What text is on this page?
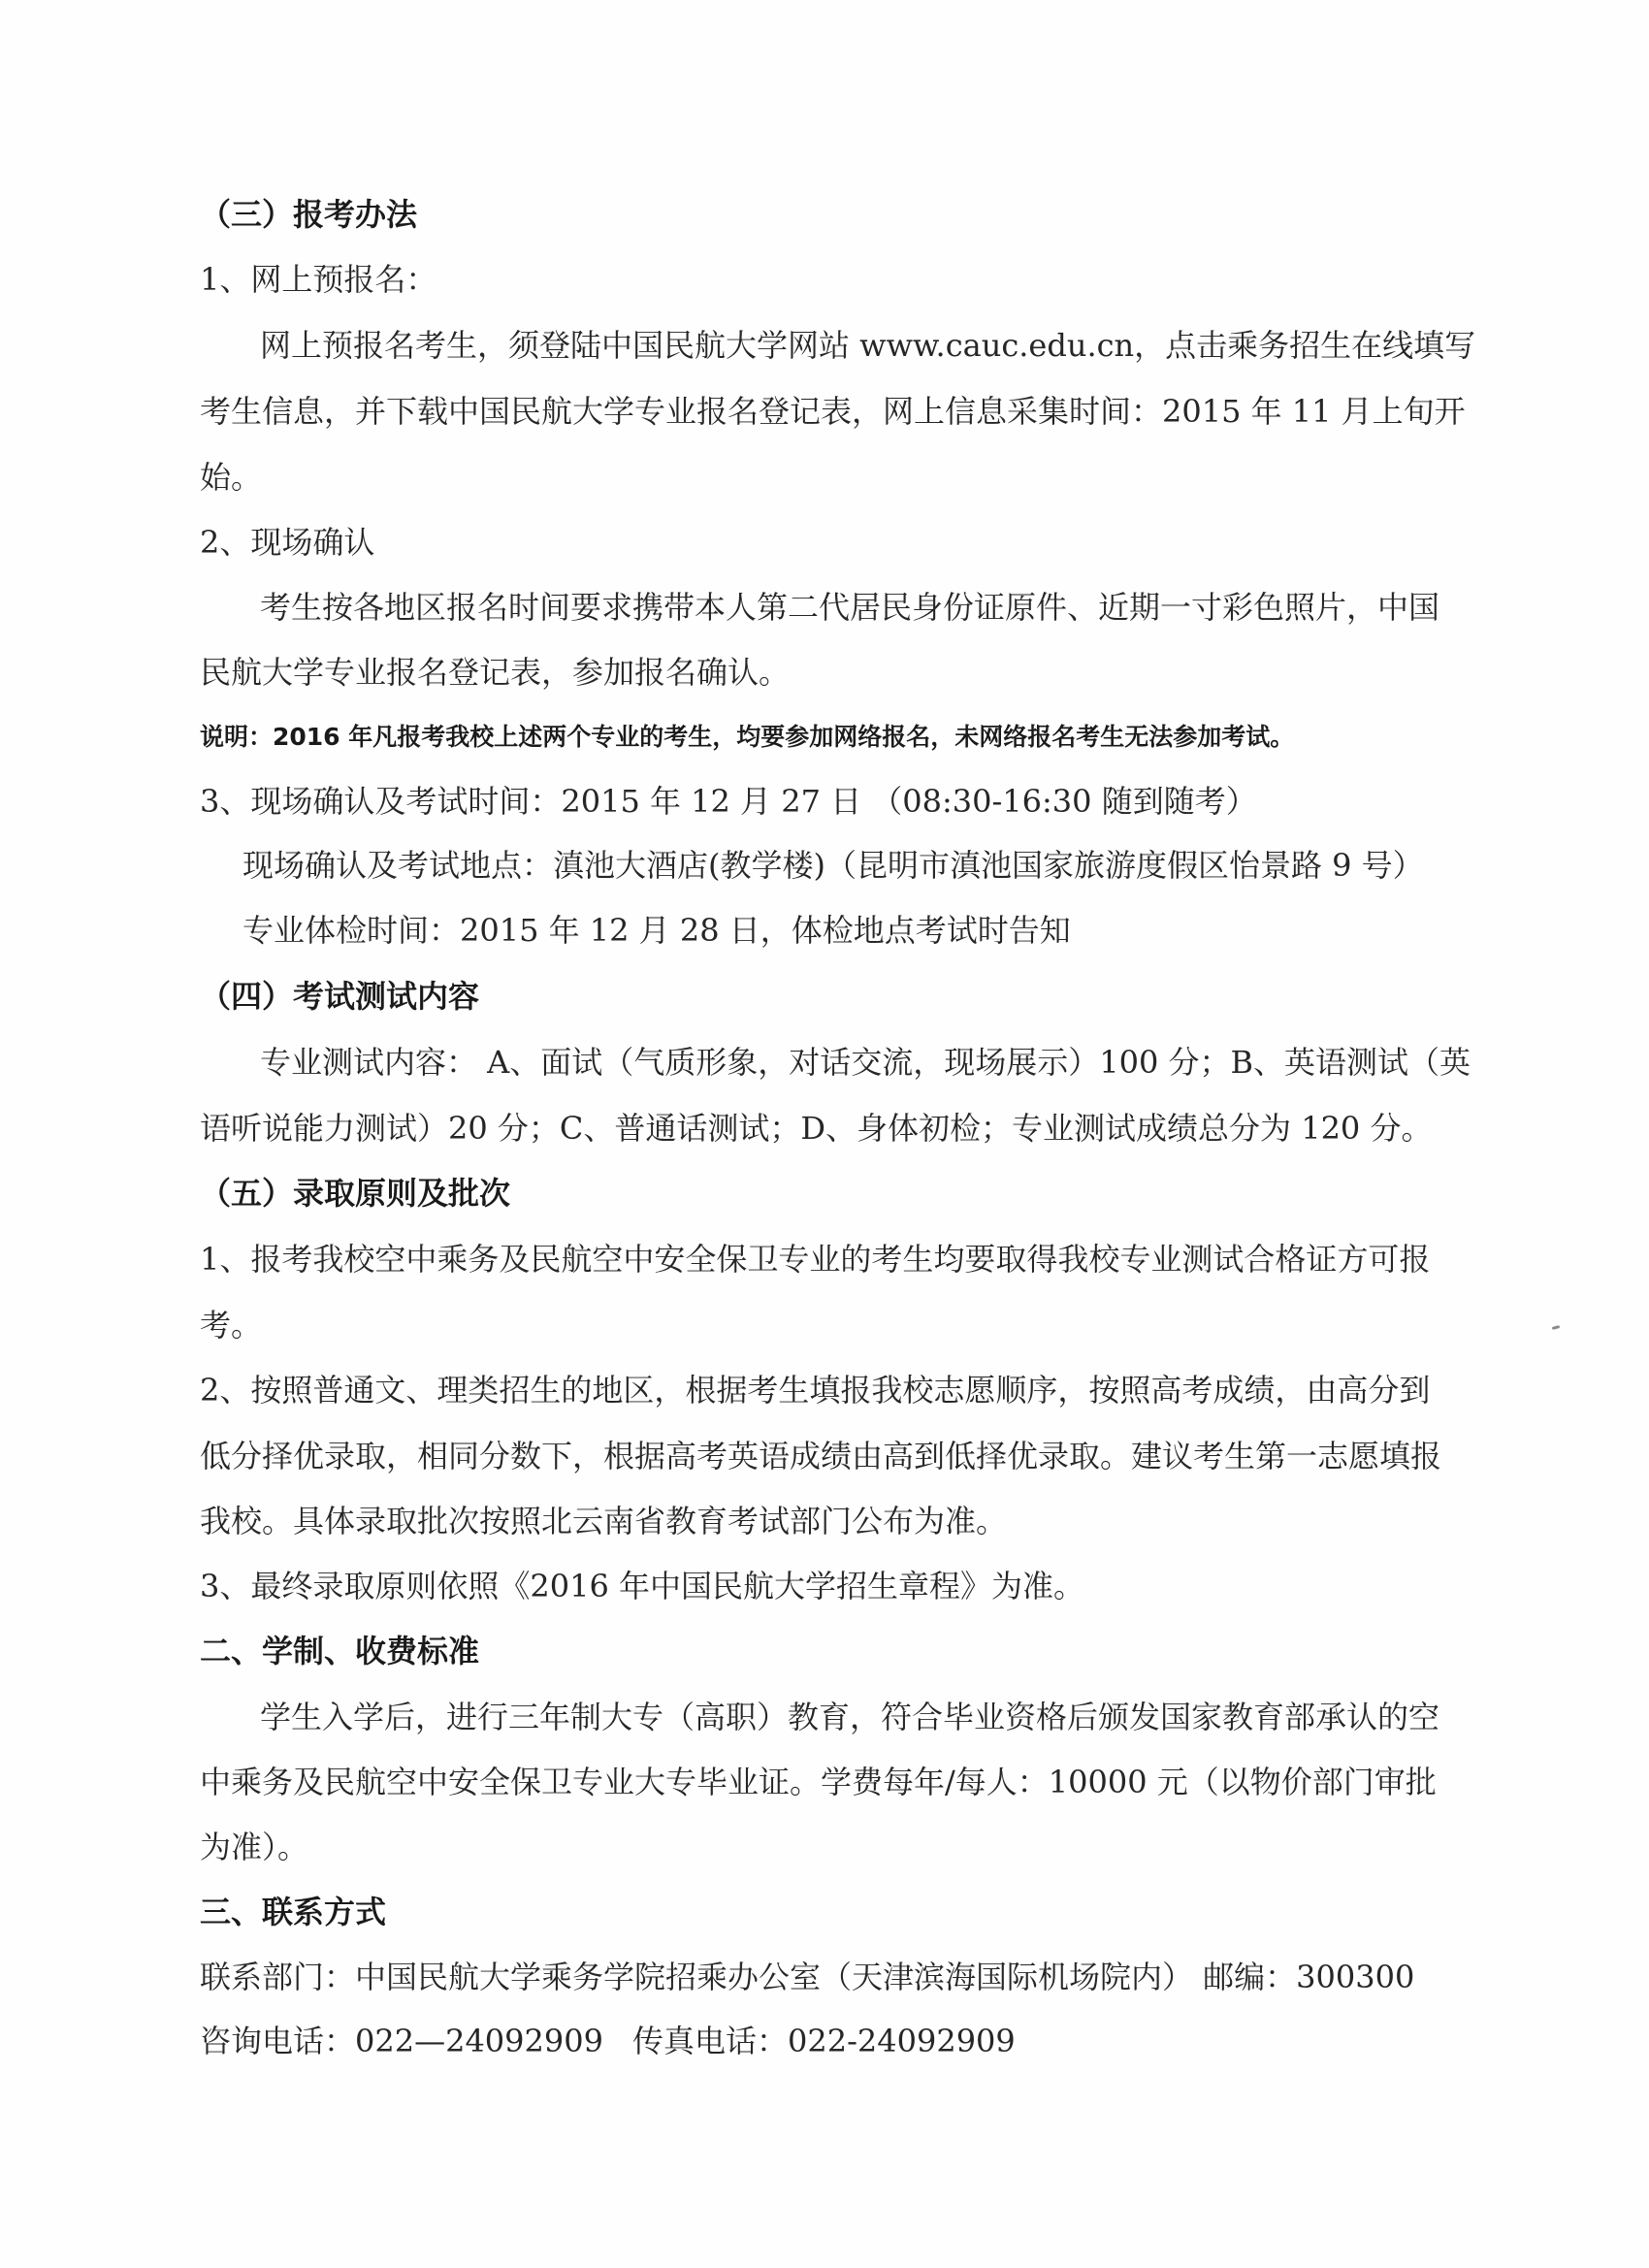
（三）报考办法
1、网上预报名：
网上预报名考生，须登陆中国民航大学网站 www.cauc.edu.cn，点击乘务招生在线填写
考生信息，并下载中国民航大学专业报名登记表，网上信息采集时间：2015 年 11 月上旬开
始。
2、现场确认
考生按各地区报名时间要求携带本人第二代居民身份证原件、近期一寸彩色照片，中国
民航大学专业报名登记表，参加报名确认。
说明：2016 年凡报考我校上述两个专业的考生，均要参加网络报名，未网络报名考生无法参加考试。
3、现场确认及考试时间：2015 年 12 月 27 日 （08:30-16:30 随到随考）
现场确认及考试地点：滇池大酒店(教学楼)（昆明市滇池国家旅游度假区怡景路 9 号）
专业体检时间：2015 年 12 月 28 日，体检地点考试时告知
（四）考试测试内容
专业测试内容： A、面试（气质形象，对话交流，现场展示）100 分；B、英语测试（英
语听说能力测试）20 分；C、普通话测试；D、身体初检；专业测试成绩总分为 120 分。
（五）录取原则及批次
1、报考我校空中乘务及民航空中安全保卫专业的考生均要取得我校专业测试合格证方可报
考。
2、按照普通文、理类招生的地区，根据考生填报我校志愿顺序，按照高考成绩，由高分到
低分择优录取，相同分数下，根据高考英语成绩由高到低择优录取。建议考生第一志愿填报
我校。具体录取批次按照北云南省教育考试部门公布为准。
3、最终录取原则依照《2016 年中国民航大学招生章程》为准。
二、学制、收费标准
学生入学后，进行三年制大专（高职）教育，符合毕业资格后颁发国家教育部承认的空
中乘务及民航空中安全保卫专业大专毕业证。学费每年/每人：10000 元（以物价部门审批
为准）。
三、联系方式
联系部门：中国民航大学乘务学院招乘办公室（天津滨海国际机场院内） 邮编：300300
咨询电话：022—24092909 传真电话：022-24092909
